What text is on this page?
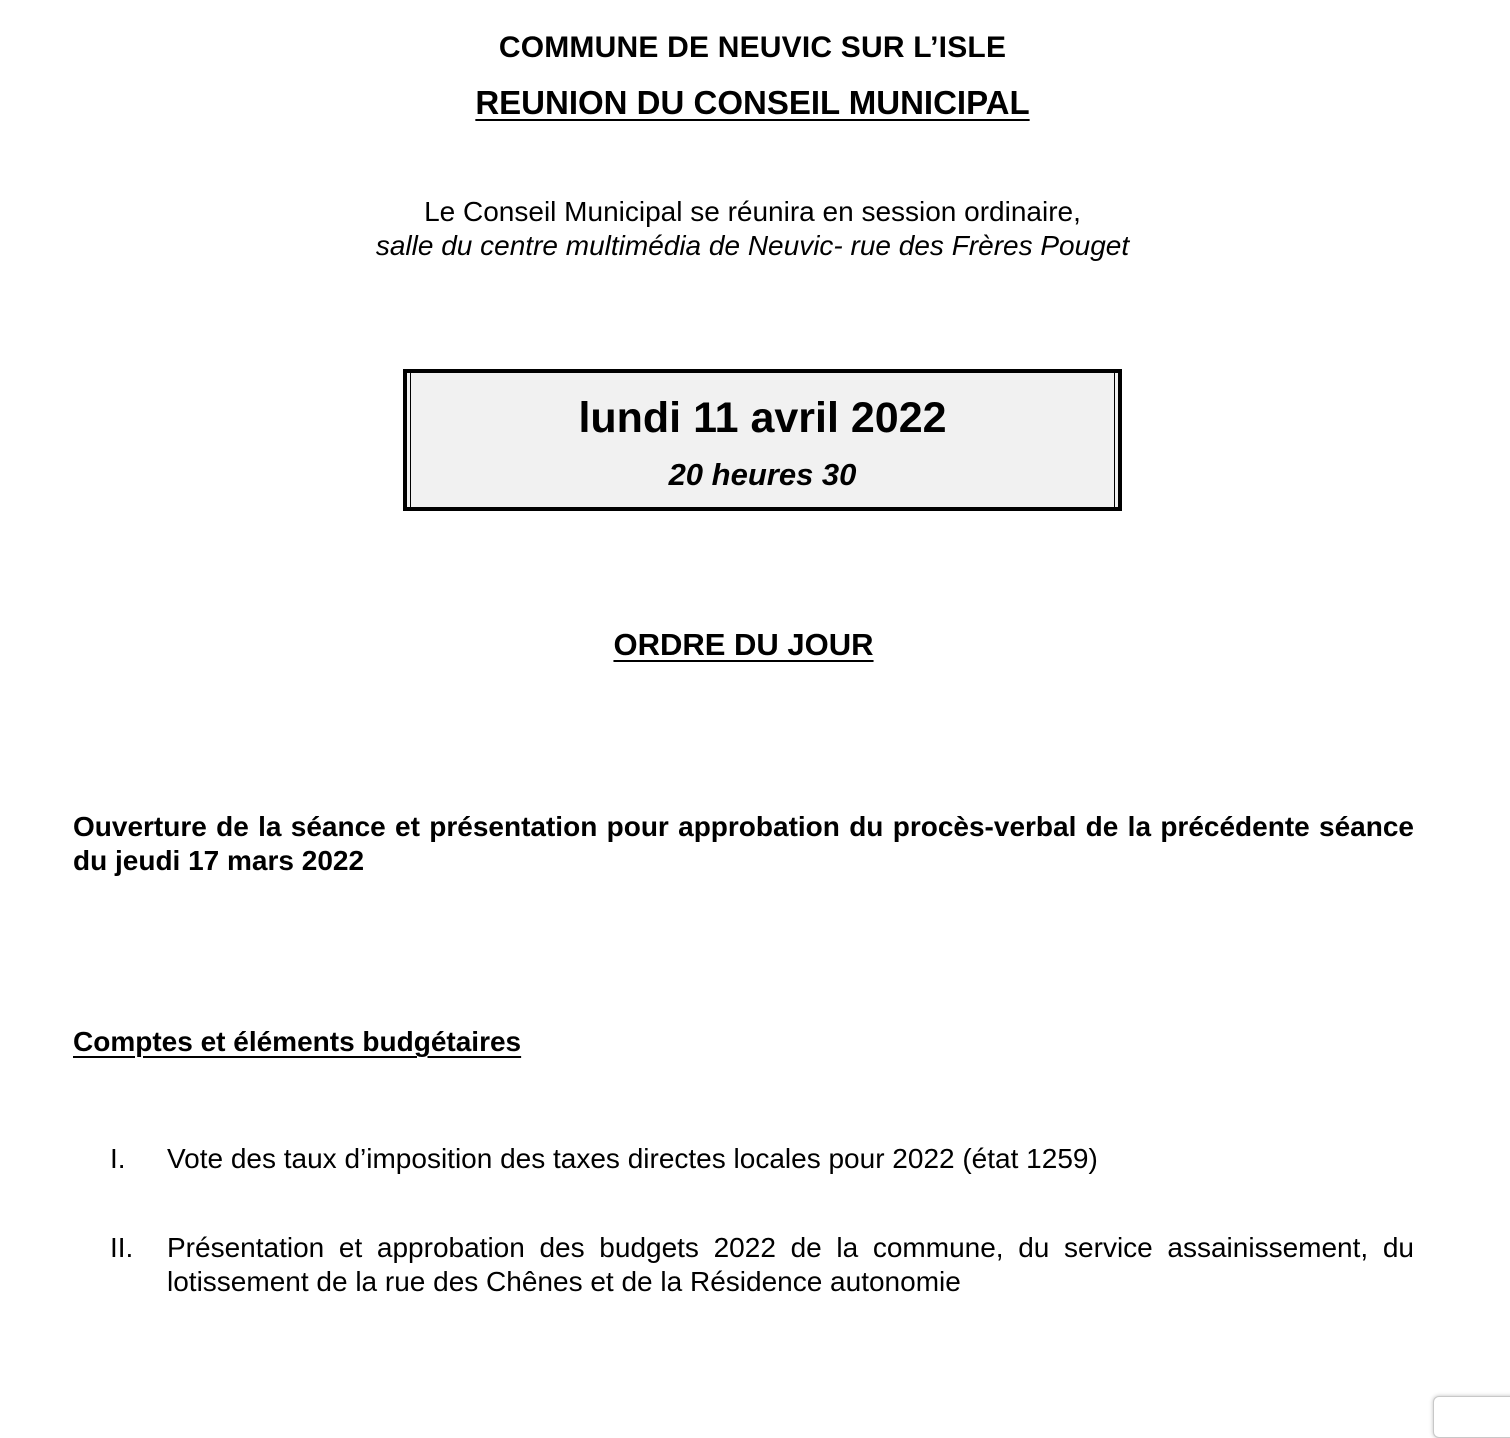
COMMUNE DE NEUVIC SUR L’ISLE
REUNION DU CONSEIL MUNICIPAL
Le Conseil Municipal se réunira en session ordinaire,
salle du centre multimédia de Neuvic- rue des Frères Pouget
lundi 11 avril 2022
20 heures 30
ORDRE DU JOUR
Ouverture de la séance et présentation pour approbation du procès-verbal de la précédente séance du jeudi 17 mars 2022
Comptes et éléments budgétaires
I.	Vote des taux d’imposition des taxes directes locales pour 2022 (état 1259)
II.	Présentation et approbation des budgets 2022 de la commune, du service assainissement, du lotissement de la rue des Chênes et de la Résidence autonomie
